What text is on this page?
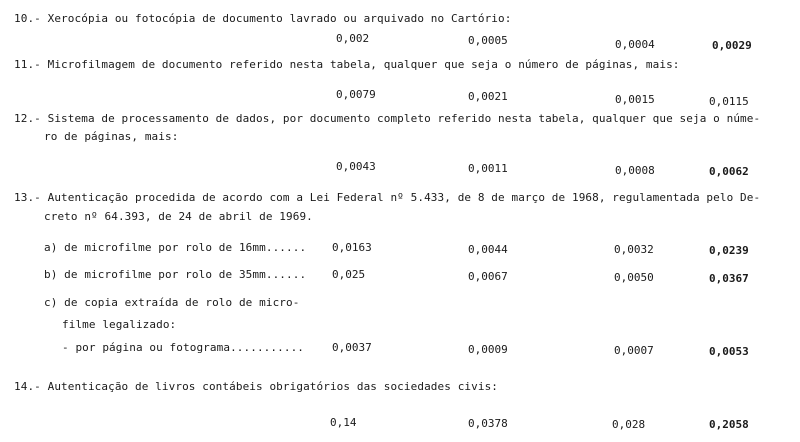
10.- Xerocópia ou fotocópia de documento lavrado ou arquivado no Cartório:
0,002	0,0005	0,0004	0,0029
11.- Microfilmagem de documento referido nesta tabela, qualquer que seja o número de páginas, mais:
0,0079	0,0021	0,0015	0,0115
12.- Sistema de processamento de dados, por documento completo referido nesta tabela, qualquer que seja o núme-
ro de páginas, mais:
0,0043	0,0011	0,0008	0,0062
13.- Autenticação procedida de acordo com a Lei Federal nº 5.433, de 8 de março de 1968, regulamentada pelo De-
creto nº 64.393, de 24 de abril de 1969.
a) de microfilme por rolo de 16mm...... 0,0163	0,0044	0,0032	0,0239
b) de microfilme por rolo de 35mm...... 0,025	0,0067	0,0050	0,0367
c) de copia extraída de rolo de micro-
filme legalizado:
- por página ou fotograma...........	0,0037	0,0009	0,0007	0,0053
14.- Autenticação de livros contábeis obrigatórios das sociedades civis:
0,14	0,0378	0,028	0,2058
